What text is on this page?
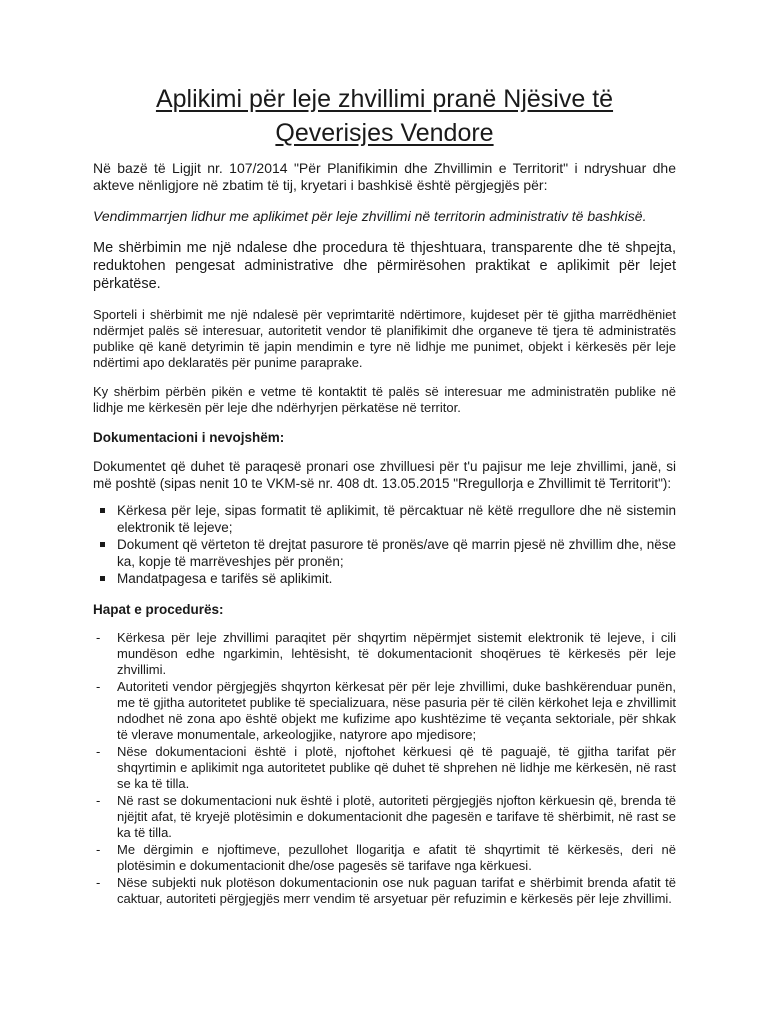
Aplikimi për leje zhvillimi pranë Njësive të Qeverisjes Vendore

Në bazë të Ligjit nr. 107/2014 "Për Planifikimin dhe Zhvillimin e Territorit" i ndryshuar dhe akteve nënligjore në zbatim të tij, kryetari i bashkisë është përgjegjës për:

Vendimmarrjen lidhur me aplikimet për leje zhvillimi në territorin administrativ të bashkisë.

Me shërbimin me një ndalese dhe procedura të thjeshtuara, transparente dhe të shpejta, reduktohen pengesat administrative dhe përmirësohen praktikat e aplikimit për lejet përkatëse.

Sporteli i shërbimit me një ndalesë për veprimtaritë ndërtimore, kujdeset për të gjitha marrëdhëniet ndërmjet palës së interesuar, autoritetit vendor të planifikimit dhe organeve të tjera të administratës publike që kanë detyrimin të japin mendimin e tyre në lidhje me punimet, objekt i kërkesës për leje ndërtimi apo deklaratës për punime paraprake.

Ky shërbim përbën pikën e vetme të kontaktit të palës së interesuar me administratën publike në lidhje me kërkesën për leje dhe ndërhyrjen përkatëse në territor.

Dokumentacioni i nevojshëm:

Dokumentet që duhet të paraqesë pronari ose zhvilluesi për t'u pajisur me leje zhvillimi, janë, si më poshtë (sipas nenit 10 te VKM-së nr. 408 dt. 13.05.2015 "Rregullorja e Zhvillimit të Territorit"):

Kërkesa për leje, sipas formatit të aplikimit, të përcaktuar në këtë rregullore dhe në sistemin elektronik të lejeve;
Dokument që vërteton të drejtat pasurore të pronës/ave që marrin pjesë në zhvillim dhe, nëse ka, kopje të marrëveshjes për pronën;
Mandatpagesa e tarifës së aplikimit.
Hapat e procedurës:
- Kërkesa për leje zhvillimi paraqitet për shqyrtim nëpërmjet sistemit elektronik të lejeve, i cili mundëson edhe ngarkimin, lehtësisht, të dokumentacionit shoqërues të kërkesës për leje zhvillimi.
- Autoriteti vendor përgjegjës shqyrton kërkesat për për leje zhvillimi, duke bashkërenduar punën, me të gjitha autoritetet publike të specializuara, nëse pasuria për të cilën kërkohet leja e zhvillimit ndodhet në zona apo është objekt me kufizime apo kushtëzime të veçanta sektoriale, për shkak të vlerave monumentale, arkeologjike, natyrore apo mjedisore;
- Nëse dokumentacioni është i plotë, njoftohet kërkuesi që të paguajë, të gjitha tarifat për shqyrtimin e aplikimit nga autoritetet publike që duhet të shprehen në lidhje me kërkesën, në rast se ka të tilla.
- Në rast se dokumentacioni nuk është i plotë, autoriteti përgjegjës njofton kërkuesin që, brenda të njëjtit afat, të kryejë plotësimin e dokumentacionit dhe pagesën e tarifave të shërbimit, në rast se ka të tilla.
- Me dërgimin e njoftimeve, pezullohet llogaritja e afatit të shqyrtimit të kërkesës, deri në plotësimin e dokumentacionit dhe/ose pagesës së tarifave nga kërkuesi.
- Nëse subjekti nuk plotëson dokumentacionin ose nuk paguan tarifat e shërbimit brenda afatit të caktuar, autoriteti përgjegjës merr vendim të arsyetuar për refuzimin e kërkesës për leje zhvillimi.
